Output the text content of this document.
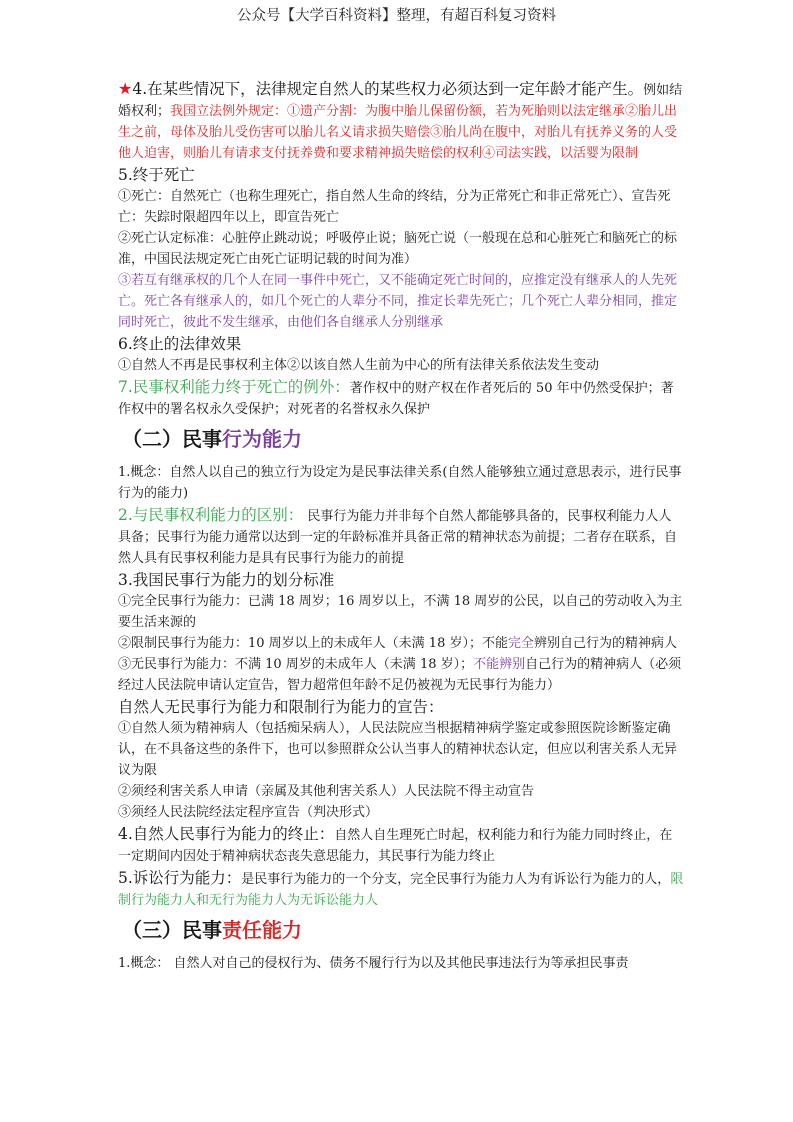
公众号【大学百科资料】整理，有超百科复习资料

★4.在某些情况下，法律规定自然人的某些权力必须达到一定年龄才能产生。例如结婚权利；我国立法例外规定：①遗产分割：为腹中胎儿保留份额，若为死胎则以法定继承②胎儿出生之前，母体及胎儿受伤害可以胎儿名义请求损失赔偿③胎儿尚在腹中，对胎儿有抚养义务的人受他人迫害，则胎儿有请求支付抚养费和要求精神损失赔偿的权利④司法实践，以活婴为限制

5.终于死亡

①死亡：自然死亡（也称生理死亡，指自然人生命的终结，分为正常死亡和非正常死亡）、宣告死亡：失踪时限超四年以上，即宣告死亡

②死亡认定标准：心脏停止跳动说；呼吸停止说；脑死亡说（一般现在总和心脏死亡和脑死亡的标准，中国民法规定死亡由死亡证明记载的时间为准）

③若互有继承权的几个人在同一事件中死亡，又不能确定死亡时间的，应推定没有继承人的人先死亡。死亡各有继承人的，如几个死亡的人辈分不同，推定长辈先死亡；几个死亡人辈分相同，推定同时死亡，彼此不发生继承，由他们各自继承人分别继承

6.终止的法律效果

①自然人不再是民事权利主体②以该自然人生前为中心的所有法律关系依法发生变动

7.民事权利能力终于死亡的例外：著作权中的财产权在作者死后的 50 年中仍然受保护；著作权中的署名权永久受保护；对死者的名誉权永久保护

（二）民事行为能力

1.概念：自然人以自己的独立行为设定为是民事法律关系(自然人能够独立通过意思表示，进行民事行为的能力)

2.与民事权利能力的区别： 民事行为能力并非每个自然人都能够具备的，民事权利能力人人具备；民事行为能力通常以达到一定的年龄标准并具备正常的精神状态为前提；二者存在联系，自然人具有民事权利能力是具有民事行为能力的前提

3.我国民事行为能力的划分标准

①完全民事行为能力：已满 18 周岁；16 周岁以上，不满 18 周岁的公民，以自己的劳动收入为主要生活来源的

②限制民事行为能力：10 周岁以上的未成年人（未满 18 岁）；不能完全辨别自己行为的精神病人

③无民事行为能力：不满 10 周岁的未成年人（未满 18 岁）；不能辨别自己行为的精神病人（必须经过人民法院申请认定宣告，智力超常但年龄不足仍被视为无民事行为能力）

自然人无民事行为能力和限制行为能力的宣告：

①自然人须为精神病人（包括痴呆病人），人民法院应当根据精神病学鉴定或参照医院诊断鉴定确认，在不具备这些的条件下，也可以参照群众公认当事人的精神状态认定，但应以利害关系人无异议为限

②须经利害关系人申请（亲属及其他利害关系人）人民法院不得主动宣告

③须经人民法院经法定程序宣告（判决形式）

4.自然人民事行为能力的终止：自然人自生理死亡时起，权利能力和行为能力同时终止，在一定期间内因处于精神病状态丧失意思能力，其民事行为能力终止

5.诉讼行为能力：是民事行为能力的一个分支，完全民事行为能力人为有诉讼行为能力的人，限制行为能力人和无行为能力人为无诉讼能力人

（三）民事责任能力

1.概念： 自然人对自己的侵权行为、债务不履行行为以及其他民事违法行为等承担民事责
